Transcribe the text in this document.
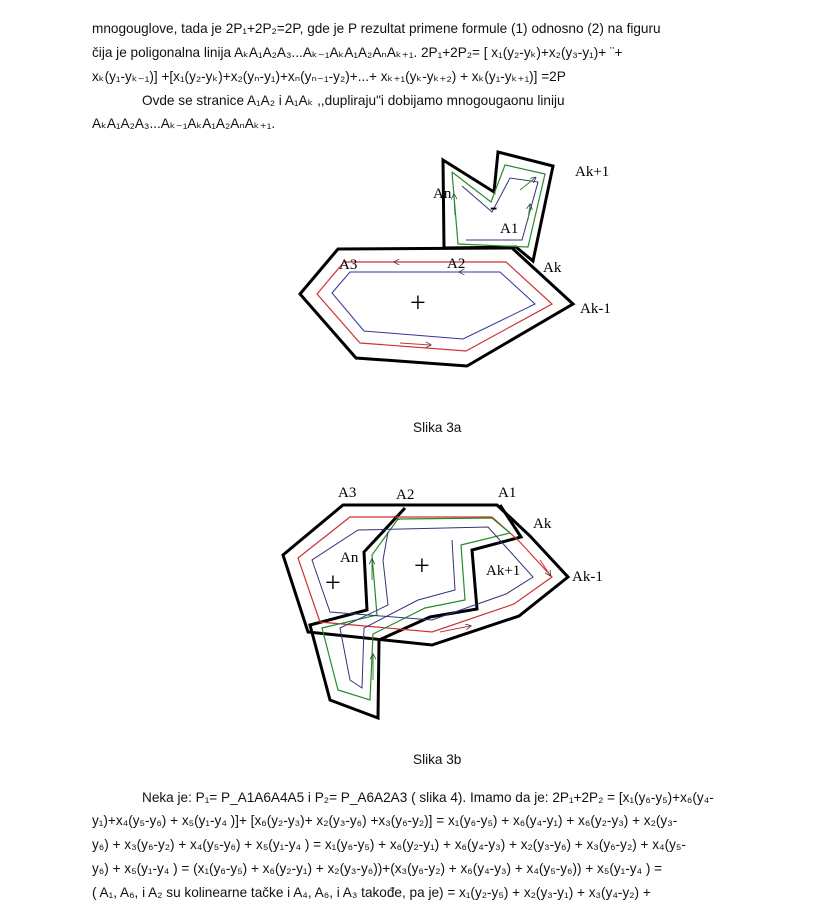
mnogouglove, tada je 2P₁+2P₂=2P, gde je P rezultat primene formule (1) odnosno (2) na figuru
čija je poligonalna linija AₖA₁A₂A₃...Aₖ₋₁AₖA₁A₂AₙAₖ₊₁. 2P₁+2P₂= [ x₁(y₂-yₖ)+x₂(y₃-y₁)+ ¨+
xₖ(y₁-yₖ₋₁)] +[x₁(y₂-yₖ)+x₂(yₙ-y₁)+xₙ(yₙ₋₁-y₂)+...+ xₖ₊₁(yₖ-yₖ₊₂) + xₖ(y₁-yₖ₊₁)] =2P
Ovde se stranice A₁A₂ i A₁Aₖ ,,dupliraju"i dobijamo mnogougaonu liniju
AₖA₁A₂A₃...Aₖ₋₁AₖA₁A₂AₙAₖ₊₁.
An
A1
A2
A3	Ak
Ak+1
Ak-1
-
+
Slika 3a
A3	A2	A1
Ak
An
Ak+1	Ak-1
+
+
Slika 3b
Neka je: P₁= P_A1A6A4A5 i P₂= P_A6A2A3 ( slika 4). Imamo da je: 2P₁+2P₂ = [x₁(y₆-y₅)+x₆(y₄-
y₁)+x₄(y₅-y₆) + x₅(y₁-y₄ )]+ [x₆(y₂-y₃)+ x₂(y₃-y₆) +x₃(y₆-y₂)] = x₁(y₆-y₅) + x₆(y₄-y₁) + x₆(y₂-y₃) + x₂(y₃-
y₆) + x₃(y₆-y₂) + x₄(y₅-y₆) + x₅(y₁-y₄ ) = x₁(y₆-y₅) + x₆(y₂-y₁) + x₆(y₄-y₃) + x₂(y₃-y₆) + x₃(y₆-y₂) + x₄(y₅-
y₆) + x₅(y₁-y₄ ) = (x₁(y₆-y₅) + x₆(y₂-y₁) + x₂(y₃-y₆))+(x₃(y₆-y₂) + x₆(y₄-y₃) + x₄(y₅-y₆)) + x₅(y₁-y₄ ) =
( A₁, A₆, i A₂ su kolinearne tačke i A₄, A₆, i A₃ takođe, pa je) = x₁(y₂-y₅) + x₂(y₃-y₁) + x₃(y₄-y₂) +
